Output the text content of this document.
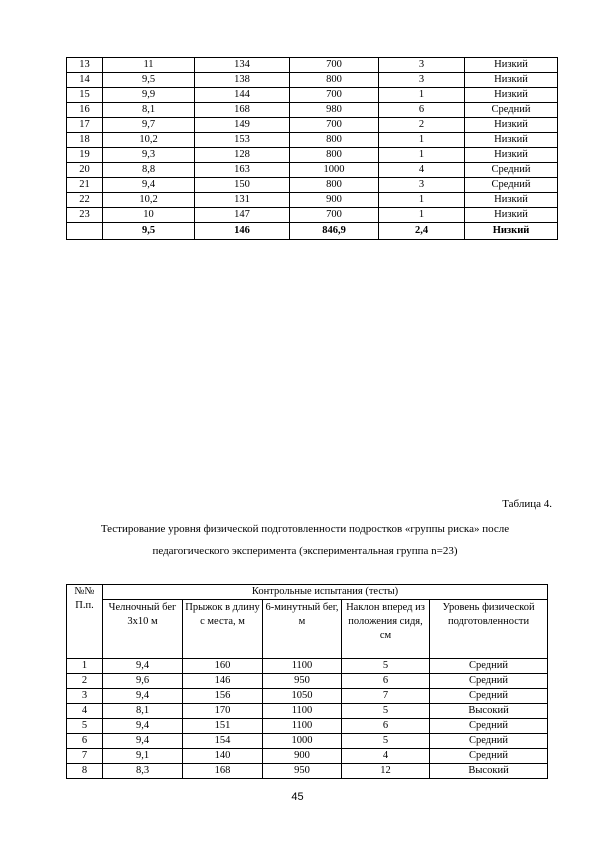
13	11	134	700	3	Низкий
14	9,5	138	800	3	Низкий
15	9,9	144	700	1	Низкий
16	8,1	168	980	6	Средний
17	9,7	149	700	2	Низкий
18	10,2	153	800	1	Низкий
19	9,3	128	800	1	Низкий
20	8,8	163	1000	4	Средний
21	9,4	150	800	3	Средний
22	10,2	131	900	1	Низкий
23	10	147	700	1	Низкий
	9,5	146	846,9	2,4	Низкий
Таблица 4.
Тестирование уровня физической подготовленности подростков «группы риска» после
педагогического эксперимента (экспериментальная группа n=23)
№№ П.п.	Контрольные испытания (тесты)				
	Челночный бег 3х10 м	Прыжок в длину с места, м	6-минутный бег, м	Наклон вперед из положения сидя, см	Уровень физической подготовленности
1	9,4	160	1100	5	Средний
2	9,6	146	950	6	Средний
3	9,4	156	1050	7	Средний
4	8,1	170	1100	5	Высокий
5	9,4	151	1100	6	Средний
6	9,4	154	1000	5	Средний
7	9,1	140	900	4	Средний
8	8,3	168	950	12	Высокий
45
